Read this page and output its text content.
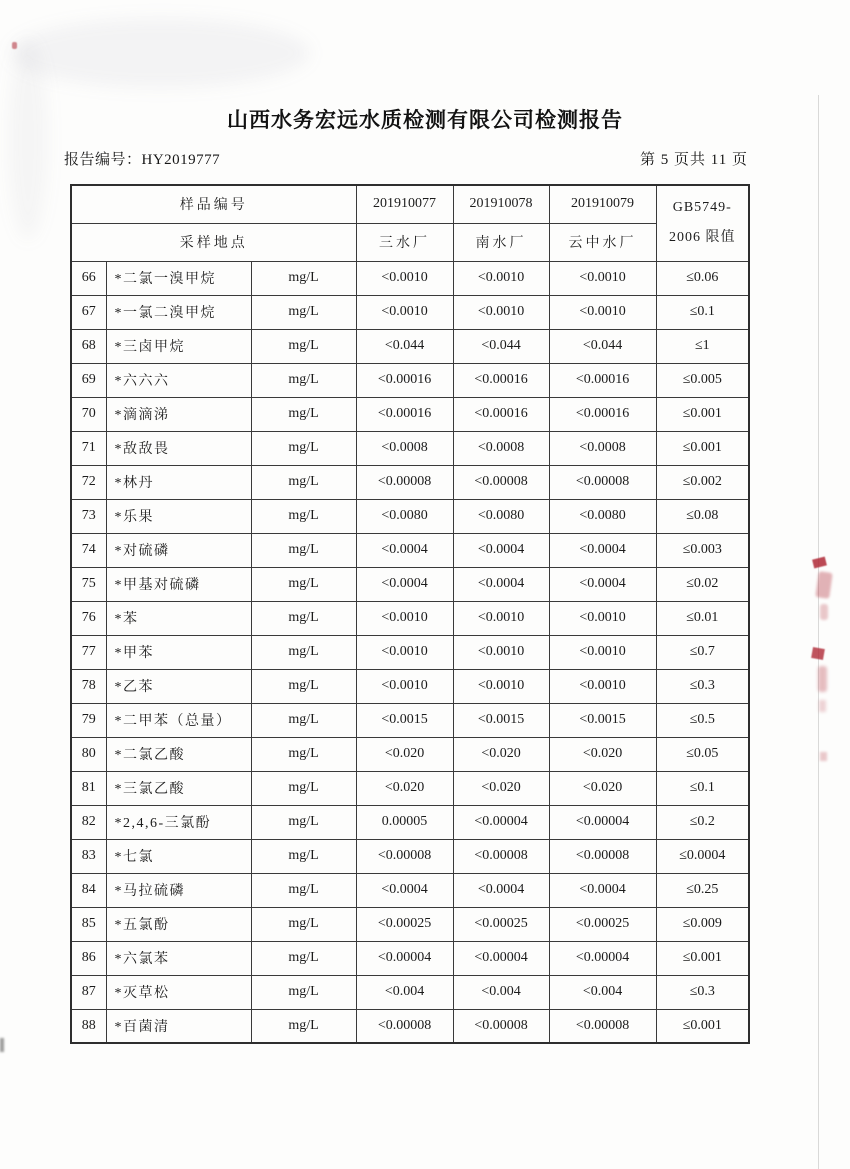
山西水务宏远水质检测有限公司检测报告
报告编号：HY2019777	第 5 页共 11 页
样品编号			201910077	201910078	201910079	GB5749-
2006 限值

采样地点			三水厂	南水厂	云中水厂	
66	*二氯一溴甲烷	mg/L	<0.0010	<0.0010	<0.0010	≤0.06
67	*一氯二溴甲烷	mg/L	<0.0010	<0.0010	<0.0010	≤0.1
68	*三卤甲烷	mg/L	<0.044	<0.044	<0.044	≤1
69	*六六六	mg/L	<0.00016	<0.00016	<0.00016	≤0.005
70	*滴滴涕	mg/L	<0.00016	<0.00016	<0.00016	≤0.001
71	*敌敌畏	mg/L	<0.0008	<0.0008	<0.0008	≤0.001
72	*林丹	mg/L	<0.00008	<0.00008	<0.00008	≤0.002
73	*乐果	mg/L	<0.0080	<0.0080	<0.0080	≤0.08
74	*对硫磷	mg/L	<0.0004	<0.0004	<0.0004	≤0.003
75	*甲基对硫磷	mg/L	<0.0004	<0.0004	<0.0004	≤0.02
76	*苯	mg/L	<0.0010	<0.0010	<0.0010	≤0.01
77	*甲苯	mg/L	<0.0010	<0.0010	<0.0010	≤0.7
78	*乙苯	mg/L	<0.0010	<0.0010	<0.0010	≤0.3
79	*二甲苯（总量）	mg/L	<0.0015	<0.0015	<0.0015	≤0.5
80	*二氯乙酸	mg/L	<0.020	<0.020	<0.020	≤0.05
81	*三氯乙酸	mg/L	<0.020	<0.020	<0.020	≤0.1
82	*2,4,6-三氯酚	mg/L	0.00005	<0.00004	<0.00004	≤0.2
83	*七氯	mg/L	<0.00008	<0.00008	<0.00008	≤0.0004
84	*马拉硫磷	mg/L	<0.0004	<0.0004	<0.0004	≤0.25
85	*五氯酚	mg/L	<0.00025	<0.00025	<0.00025	≤0.009
86	*六氯苯	mg/L	<0.00004	<0.00004	<0.00004	≤0.001
87	*灭草松	mg/L	<0.004	<0.004	<0.004	≤0.3
88	*百菌清	mg/L	<0.00008	<0.00008	<0.00008	≤0.001
